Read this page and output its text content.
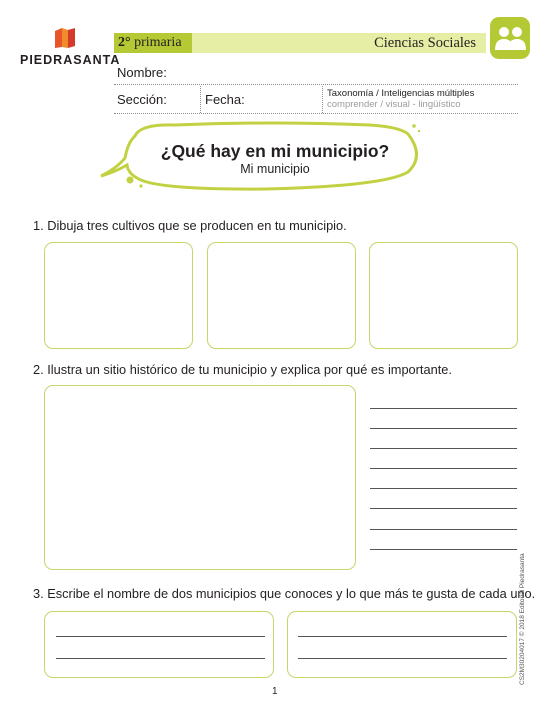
PIEDRASANTA
2° primaria	Ciencias Sociales
Nombre:
Sección:	Fecha:	Taxonomía / Inteligencias múltiples
comprender / visual - lingüístico
¿Qué hay en mi municipio?
Mi municipio
1. Dibuja tres cultivos que se producen en tu municipio.
2. Ilustra un sitio histórico de tu municipio y explica por qué es importante.
3. Escribe el nombre de dos municipios que conoces y lo que más te gusta de cada uno.
1
CS2M30204017 © 2018 Editorial Piedrasanta
